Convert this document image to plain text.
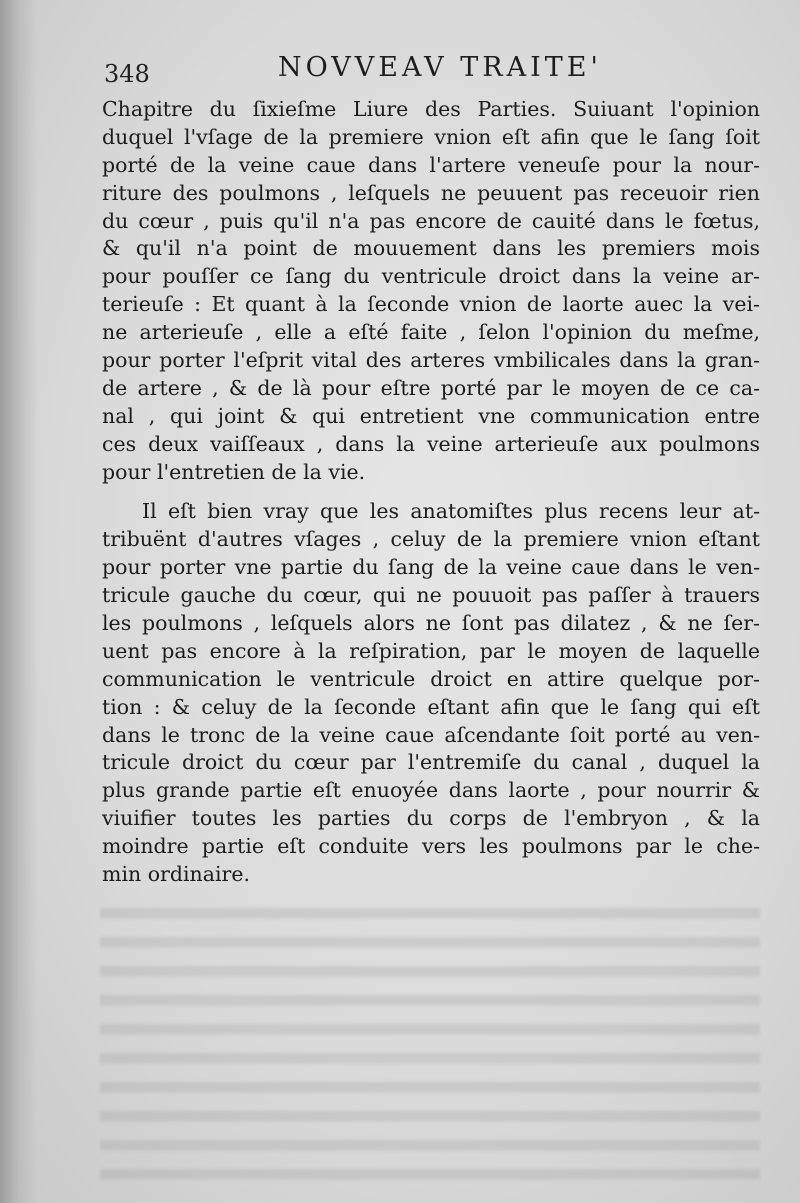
348	NOVVEAV TRAITE'
Chapitre du ſixieſme Liure des Parties. Suiuant l'opinion
duquel l'vſage de la premiere vnion eſt afin que le ſang ſoit
porté de la veine caue dans l'artere veneuſe pour la nour-
riture des poulmons , leſquels ne peuuent pas receuoir rien
du cœur , puis qu'il n'a pas encore de cauité dans le fœtus,
& qu'il n'a point de mouuement dans les premiers mois
pour pouſſer ce ſang du ventricule droict dans la veine ar-
terieuſe : Et quant à la ſeconde vnion de laorte auec la vei-
ne arterieuſe , elle a eſté faite , ſelon l'opinion du meſme,
pour porter l'eſprit vital des arteres vmbilicales dans la gran-
de artere , & de là pour eſtre porté par le moyen de ce ca-
nal , qui joint & qui entretient vne communication entre
ces deux vaiſſeaux , dans la veine arterieuſe aux poulmons
pour l'entretien de la vie.
Il eſt bien vray que les anatomiſtes plus recens leur at-
tribuënt d'autres vſages , celuy de la premiere vnion eſtant
pour porter vne partie du ſang de la veine caue dans le ven-
tricule gauche du cœur, qui ne pouuoit pas paſſer à trauers
les poulmons , leſquels alors ne ſont pas dilatez , & ne ſer-
uent pas encore à la reſpiration, par le moyen de laquelle
communication le ventricule droict en attire quelque por-
tion : & celuy de la ſeconde eſtant afin que le ſang qui eſt
dans le tronc de la veine caue aſcendante ſoit porté au ven-
tricule droict du cœur par l'entremiſe du canal , duquel la
plus grande partie eſt enuoyée dans laorte , pour nourrir &
viuifier toutes les parties du corps de l'embryon , & la
moindre partie eſt conduite vers les poulmons par le che-
min ordinaire.
